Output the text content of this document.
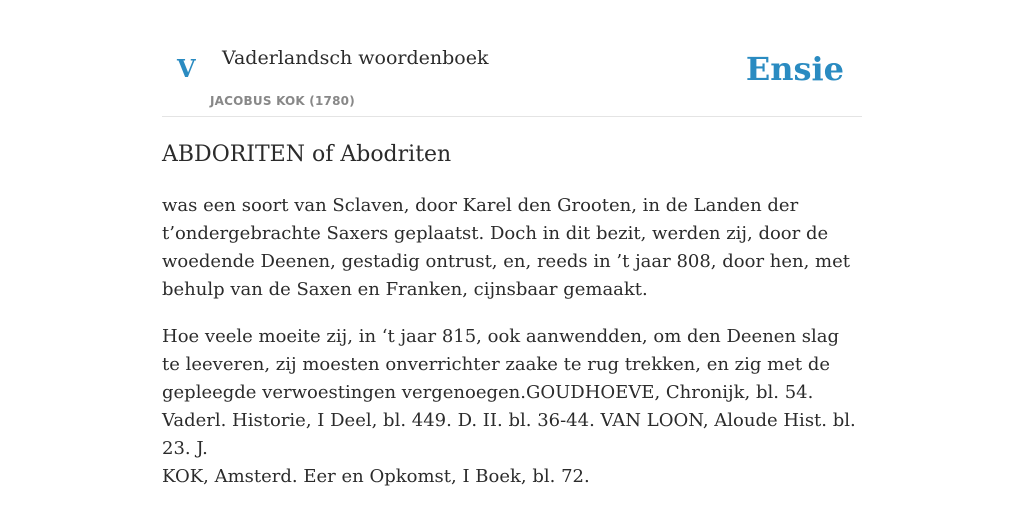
V Vaderlandsch woordenboek
JACOBUS KOK (1780)
Ensie
ABDORITEN of Abodriten

was een soort van Sclaven, door Karel den Grooten, in de Landen der t’ondergebrachte Saxers geplaatst. Doch in dit bezit, werden zij, door de woedende Deenen, gestadig ontrust, en, reeds in ’t jaar 808, door hen, met behulp van de Saxen en Franken, cijnsbaar gemaakt.

Hoe veele moeite zij, in ‘t jaar 815, ook aanwendden, om den Deenen slag te leeveren, zij moesten onverrichter zaake te rug trekken, en zig met de gepleegde verwoestingen vergenoegen.GOUDHOEVE, Chronijk, bl. 54. Vaderl. Historie, I Deel, bl. 449. D. II. bl. 36-44. VAN LOON, Aloude Hist. bl. 23. J.

KOK, Amsterd. Eer en Opkomst, I Boek, bl. 72.
